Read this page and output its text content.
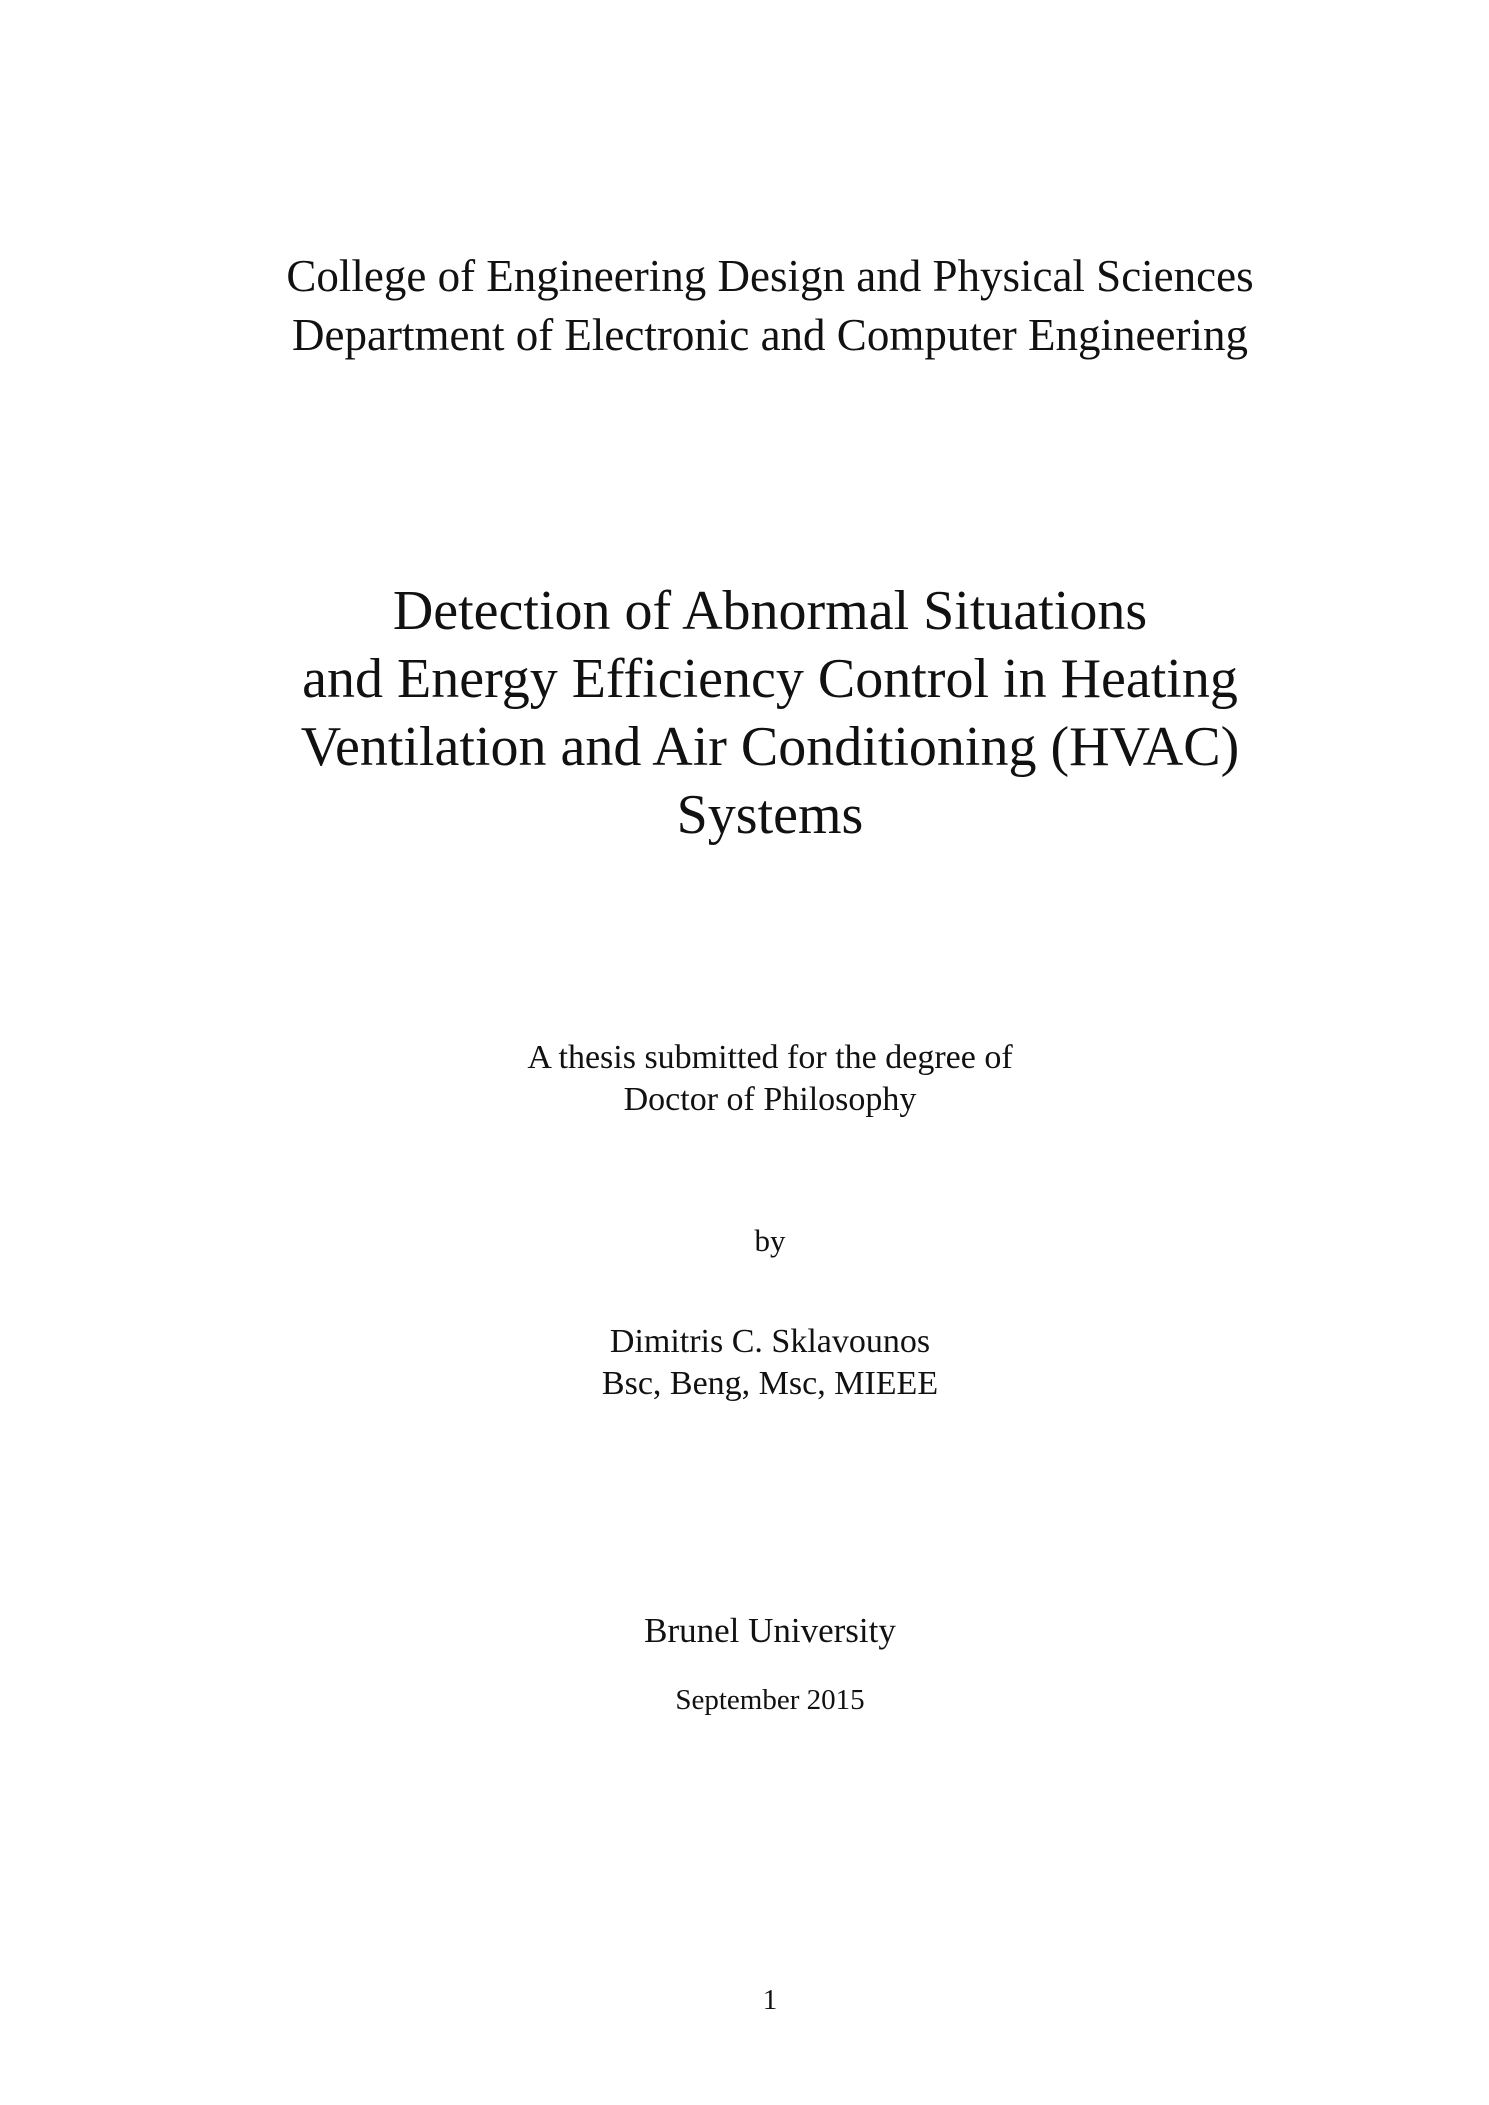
College of Engineering Design and Physical Sciences
Department of Electronic and Computer Engineering
Detection of Abnormal Situations
and Energy Efficiency Control in Heating
Ventilation and Air Conditioning (HVAC)
Systems
A thesis submitted for the degree of
Doctor of Philosophy
by
Dimitris C. Sklavounos
Bsc, Beng, Msc, MIEEE
Brunel University
September 2015
1
